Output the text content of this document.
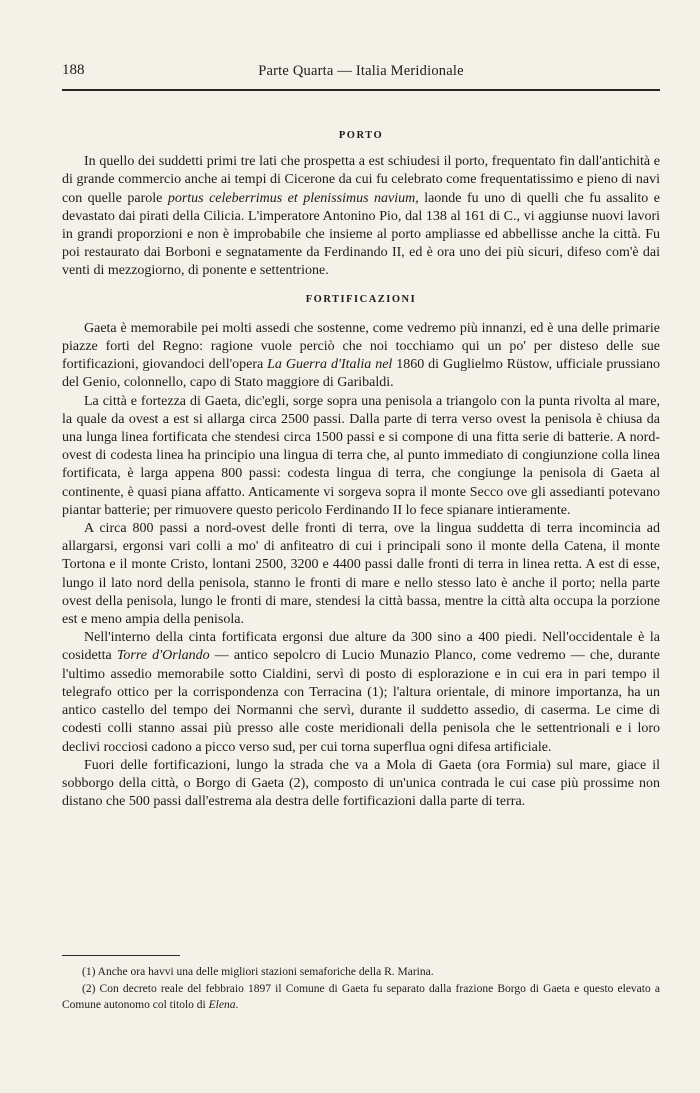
188	Parte Quarta — Italia Meridionale
PORTO

In quello dei suddetti primi tre lati che prospetta a est schiudesi il porto, frequentato fin dall'antichità e di grande commercio anche ai tempi di Cicerone da cui fu celebrato come frequentatissimo e pieno di navi con quelle parole portus celeberrimus et plenissimus navium, laonde fu uno di quelli che fu assalito e devastato dai pirati della Cilicia. L'imperatore Antonino Pio, dal 138 al 161 di C., vi aggiunse nuovi lavori in grandi proporzioni e non è improbabile che insieme al porto ampliasse ed abbellisse anche la città. Fu poi restaurato dai Borboni e segnatamente da Ferdinando II, ed è ora uno dei più sicuri, difeso com'è dai venti di mezzogiorno, di ponente e settentrione.

FORTIFICAZIONI

Gaeta è memorabile pei molti assedi che sostenne, come vedremo più innanzi, ed è una delle primarie piazze forti del Regno: ragione vuole perciò che noi tocchiamo qui un po' per disteso delle sue fortificazioni, giovandoci dell'opera La Guerra d'Italia nel 1860 di Guglielmo Rüstow, ufficiale prussiano del Genio, colonnello, capo di Stato maggiore di Garibaldi.

La città e fortezza di Gaeta, dic'egli, sorge sopra una penisola a triangolo con la punta rivolta al mare, la quale da ovest a est si allarga circa 2500 passi. Dalla parte di terra verso ovest la penisola è chiusa da una lunga linea fortificata che stendesi circa 1500 passi e si compone di una fitta serie di batterie. A nord-ovest di codesta linea ha principio una lingua di terra che, al punto immediato di congiunzione colla linea fortificata, è larga appena 800 passi: codesta lingua di terra, che congiunge la penisola di Gaeta al continente, è quasi piana affatto. Anticamente vi sorgeva sopra il monte Secco ove gli assedianti potevano piantar batterie; per rimuovere questo pericolo Ferdinando II lo fece spianare intieramente.

A circa 800 passi a nord-ovest delle fronti di terra, ove la lingua suddetta di terra incomincia ad allargarsi, ergonsi vari colli a mo' di anfiteatro di cui i principali sono il monte della Catena, il monte Tortona e il monte Cristo, lontani 2500, 3200 e 4400 passi dalle fronti di terra in linea retta. A est di esse, lungo il lato nord della penisola, stanno le fronti di mare e nello stesso lato è anche il porto; nella parte ovest della penisola, lungo le fronti di mare, stendesi la città bassa, mentre la città alta occupa la porzione est e meno ampia della penisola.

Nell'interno della cinta fortificata ergonsi due alture da 300 sino a 400 piedi. Nell'occidentale è la cosidetta Torre d'Orlando — antico sepolcro di Lucio Munazio Planco, come vedremo — che, durante l'ultimo assedio memorabile sotto Cialdini, servì di posto di esplorazione e in cui era in pari tempo il telegrafo ottico per la corrispondenza con Terracina (1); l'altura orientale, di minore importanza, ha un antico castello del tempo dei Normanni che servì, durante il suddetto assedio, di caserma. Le cime di codesti colli stanno assai più presso alle coste meridionali della penisola che le settentrionali e i loro declivi rocciosi cadono a picco verso sud, per cui torna superflua ogni difesa artificiale.

Fuori delle fortificazioni, lungo la strada che va a Mola di Gaeta (ora Formia) sul mare, giace il sobborgo della città, o Borgo di Gaeta (2), composto di un'unica contrada le cui case più prossime non distano che 500 passi dall'estrema ala destra delle fortificazioni dalla parte di terra.

(1) Anche ora havvi una delle migliori stazioni semaforiche della R. Marina.

(2) Con decreto reale del febbraio 1897 il Comune di Gaeta fu separato dalla frazione Borgo di Gaeta e questo elevato a Comune autonomo col titolo di Elena.
